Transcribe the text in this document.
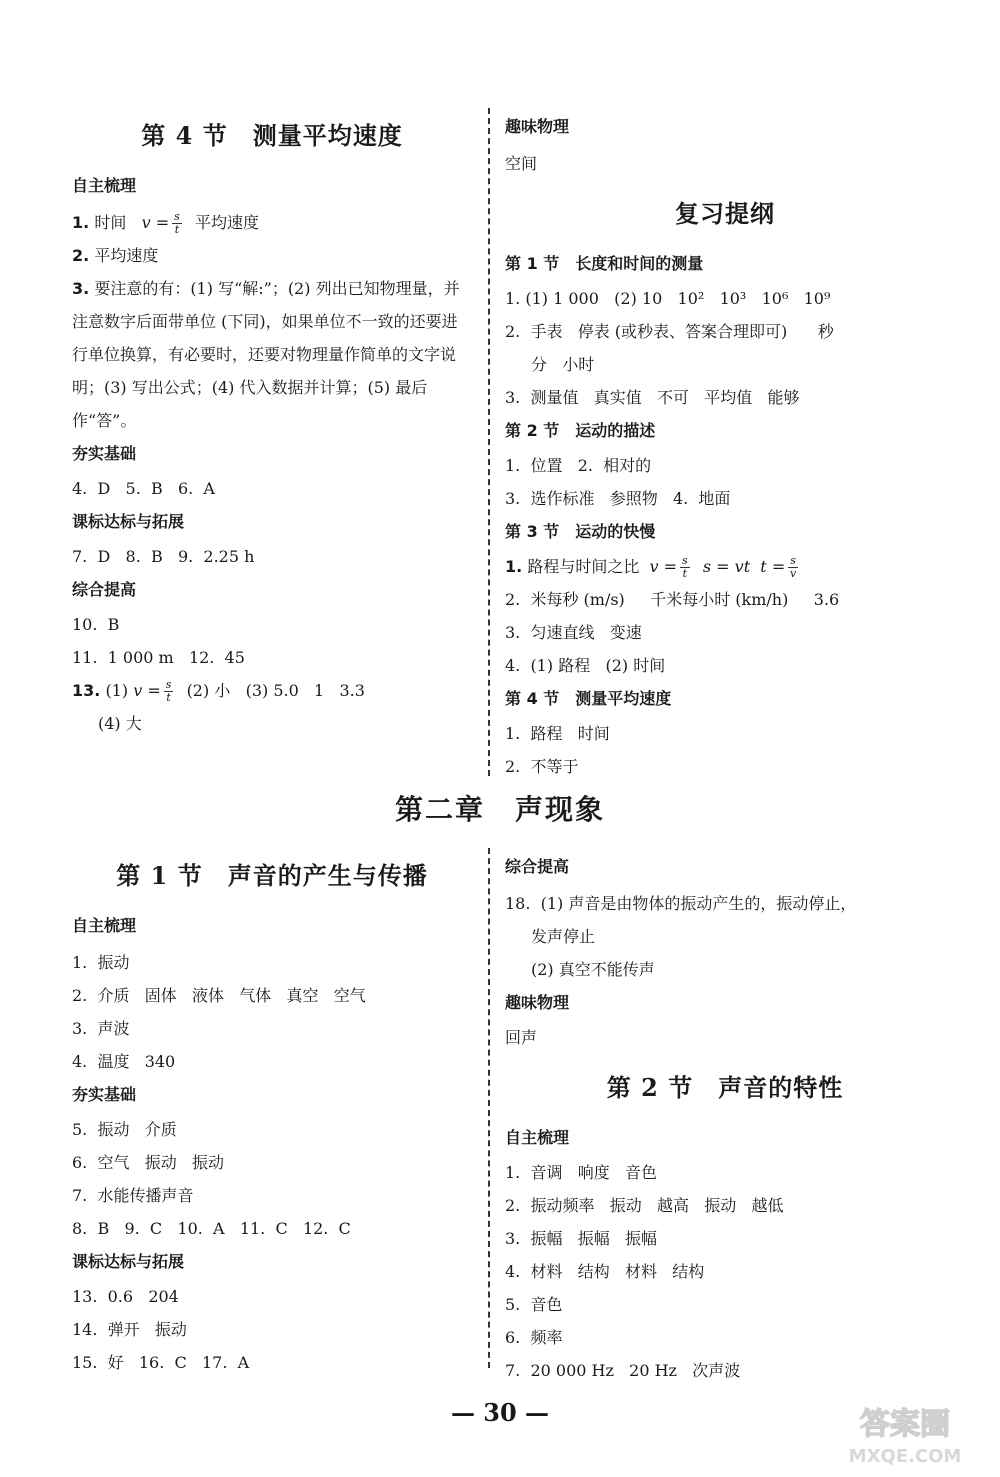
第 4 节　测量平均速度
自主梳理
1. 时间 $v = \frac{s}{t}$ 平均速度
2. 平均速度
3. 要注意的有：(1) 写“解:”；(2) 列出已知物理量，并注意数字后面带单位 (下同)，如果单位不一致的还要进行单位换算，有必要时，还要对物理量作简单的文字说明；(3) 写出公式；(4) 代入数据并计算；(5) 最后作“答”。
夯实基础
4.  D   5.  B   6.  A
课标达标与拓展
7.  D   8.  B   9.  2.25 h
综合提高
10.  B
11.  1 000 m   12.  45
13. (1) $v = \frac{s}{t} (2)$ 小   (3) 5.0   1   3.3
(4) 大
趣味物理
空间
复习提纲
第 1 节　长度和时间的测量
1. (1) 1 000   (2) 10   10²   10³   10⁶   10⁹
2.  手表   停表 (或秒表、答案合理即可)      秒
分   小时
3.  测量值   真实值   不可   平均值   能够
第 2 节　运动的描述
1.  位置   2.  相对的
3.  选作标准   参照物   4.  地面
第 3 节　运动的快慢
1. 路程与时间之比 $v = \frac{s}{t}$ s = vt $t = \frac{s}{v}$
2.  米每秒 (m/s)     千米每小时 (km/h)     3.6
3.  匀速直线   变速
4.  (1) 路程   (2) 时间
第 4 节　测量平均速度
1.  路程   时间
2.  不等于
第二章　声现象
第 1 节　声音的产生与传播
自主梳理
1.  振动
2.  介质   固体   液体   气体   真空   空气
3.  声波
4.  温度   340
夯实基础
5.  振动   介质
6.  空气   振动   振动
7.  水能传播声音
8.  B   9.  C   10.  A   11.  C   12.  C
课标达标与拓展
13.  0.6   204
14.  弹开   振动
15.  好   16.  C   17.  A
综合提高
18.  (1) 声音是由物体的振动产生的，振动停止，
发声停止
(2) 真空不能传声
趣味物理
回声
第 2 节　声音的特性
自主梳理
1.  音调   响度   音色
2.  振动频率   振动   越高   振动   越低
3.  振幅   振幅   振幅
4.  材料   结构   材料   结构
5.  音色
6.  频率
7.  20 000 Hz   20 Hz   次声波
— 30 —	答案圈
MXQE.COM
